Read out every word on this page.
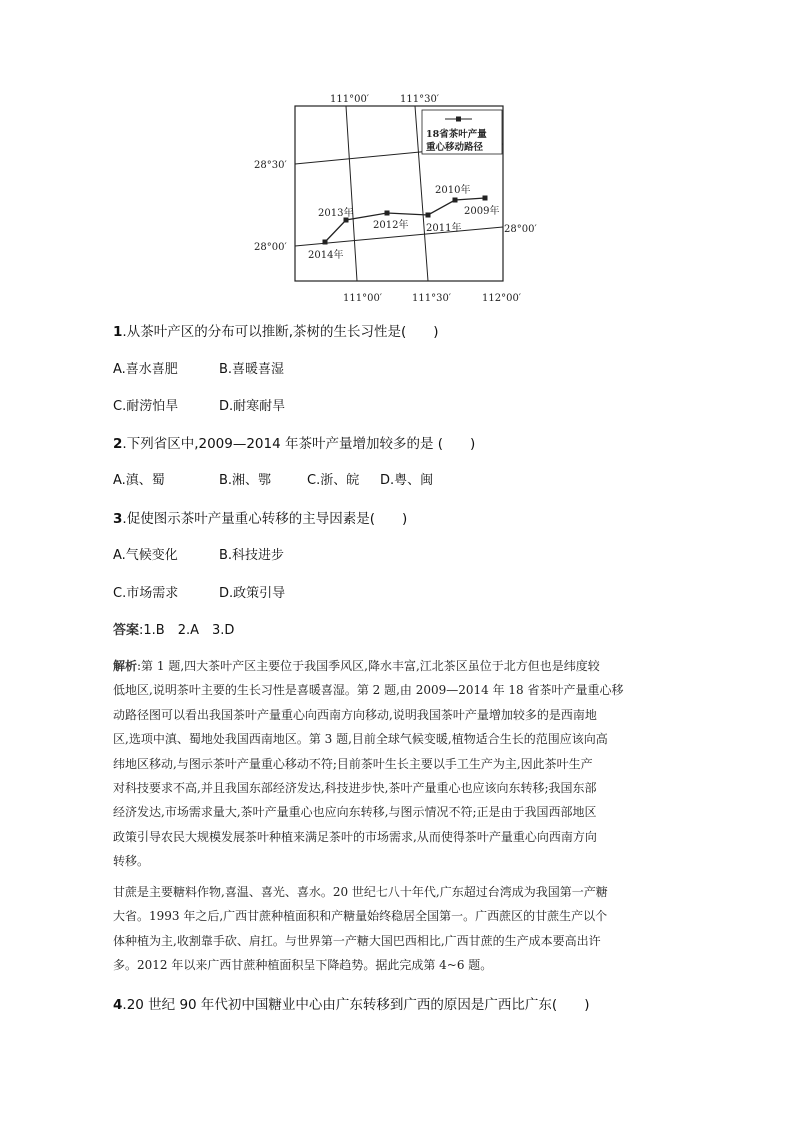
111°00′	111°30′
111°00′	111°30′	112°00′
28°30′
28°00′
28°00′
18省茶叶产量
重心移动路径
2014年
2013年
2012年 2011年
2010年
2009年
1.从茶叶产区的分布可以推断,茶树的生长习性是(　　)
A.喜水喜肥	B.喜暖喜湿
C.耐涝怕旱	D.耐寒耐旱
2.下列省区中,2009—2014 年茶叶产量增加较多的是 (　　)
A.滇、蜀	B.湘、鄂	C.浙、皖 D.粤、闽
3.促使图示茶叶产量重心转移的主导因素是(　　)
A.气候变化	B.科技进步
C.市场需求	D.政策引导
答案:1.B　2.A　3.D
解析:第 1 题,四大茶叶产区主要位于我国季风区,降水丰富,江北茶区虽位于北方但也是纬度较
低地区,说明茶叶主要的生长习性是喜暖喜湿。第 2 题,由 2009—2014 年 18 省茶叶产量重心移
动路径图可以看出我国茶叶产量重心向西南方向移动,说明我国茶叶产量增加较多的是西南地
区,选项中滇、蜀地处我国西南地区。第 3 题,目前全球气候变暖,植物适合生长的范围应该向高
纬地区移动,与图示茶叶产量重心移动不符;目前茶叶生长主要以手工生产为主,因此茶叶生产
对科技要求不高,并且我国东部经济发达,科技进步快,茶叶产量重心也应该向东转移;我国东部
经济发达,市场需求量大,茶叶产量重心也应向东转移,与图示情况不符;正是由于我国西部地区
政策引导农民大规模发展茶叶种植来满足茶叶的市场需求,从而使得茶叶产量重心向西南方向
转移。
甘蔗是主要糖料作物,喜温、喜光、喜水。20 世纪七八十年代,广东超过台湾成为我国第一产糖
大省。1993 年之后,广西甘蔗种植面积和产糖量始终稳居全国第一。广西蔗区的甘蔗生产以个
体种植为主,收割靠手砍、肩扛。与世界第一产糖大国巴西相比,广西甘蔗的生产成本要高出许
多。2012 年以来广西甘蔗种植面积呈下降趋势。据此完成第 4~6 题。
4.20 世纪 90 年代初中国糖业中心由广东转移到广西的原因是广西比广东(　　)
